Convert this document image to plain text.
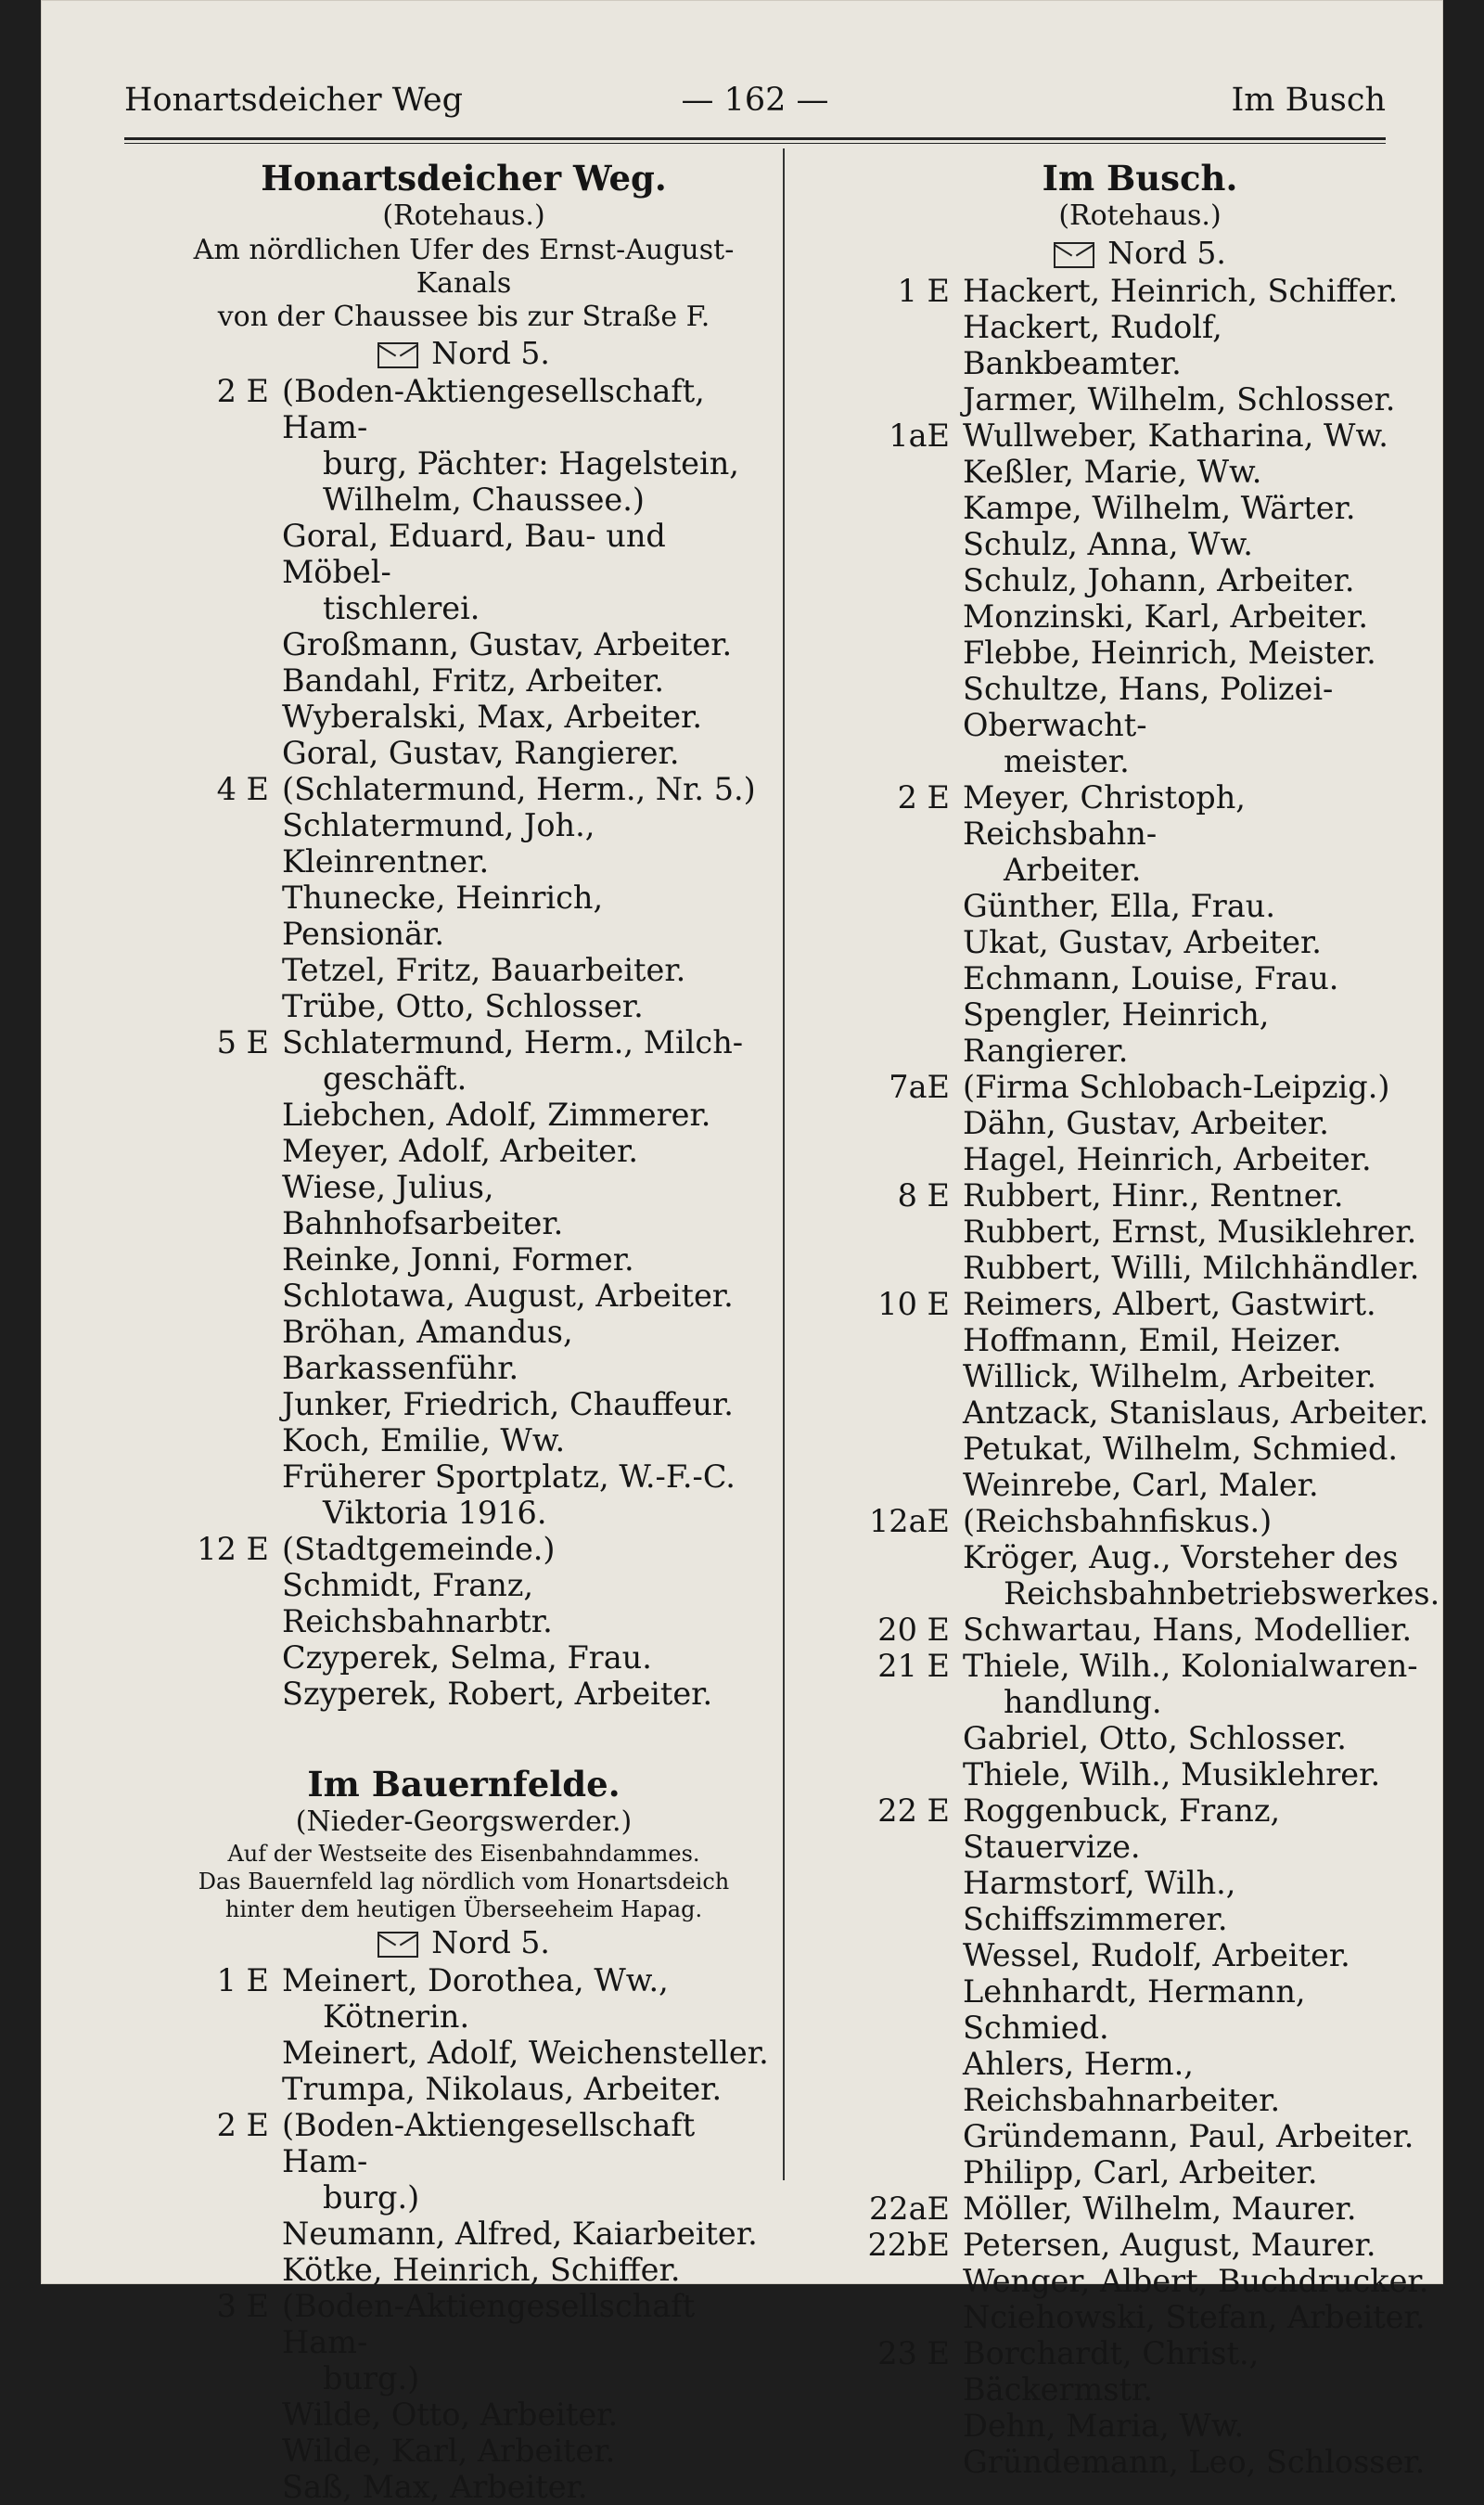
Honartsdeicher Weg	— 162 —	Im Busch
Honartsdeicher Weg.
(Rotehaus.)
Am nördlichen Ufer des Ernst-August-Kanals
von der Chaussee bis zur Straße F.
Nord 5.
2 E (Boden-Aktiengesellschaft, Ham-
burg, Pächter: Hagelstein, Wilhelm, Chaussee.)
Goral, Eduard, Bau- und Möbel-
tischlerei.
Großmann, Gustav, Arbeiter.
Bandahl, Fritz, Arbeiter.
Wyberalski, Max, Arbeiter.
Goral, Gustav, Rangierer.
4 E (Schlatermund, Herm., Nr. 5.)
Schlatermund, Joh., Kleinrentner.
Thunecke, Heinrich, Pensionär.
Tetzel, Fritz, Bauarbeiter.
Trübe, Otto, Schlosser.
5 E Schlatermund, Herm., Milch-
geschäft.
Liebchen, Adolf, Zimmerer.
Meyer, Adolf, Arbeiter.
Wiese, Julius, Bahnhofsarbeiter.
Reinke, Jonni, Former.
Schlotawa, August, Arbeiter.
Bröhan, Amandus, Barkassenführ.
Junker, Friedrich, Chauffeur.
Koch, Emilie, Ww.
Früherer Sportplatz, W.-F.-C.
Viktoria 1916.
12 E (Stadtgemeinde.)
Schmidt, Franz, Reichsbahnarbtr.
Czyperek, Selma, Frau.
Szyperek, Robert, Arbeiter.
Im Bauernfelde.
(Nieder-Georgswerder.)
Auf der Westseite des Eisenbahndammes.
Das Bauernfeld lag nördlich vom Honartsdeich
hinter dem heutigen Überseeheim Hapag.
Nord 5.
1 E Meinert, Dorothea, Ww.,
Kötnerin.
Meinert, Adolf, Weichensteller.
Trumpa, Nikolaus, Arbeiter.
2 E (Boden-Aktiengesellschaft Ham-
burg.)
Neumann, Alfred, Kaiarbeiter.
Kötke, Heinrich, Schiffer.
3 E (Boden-Aktiengesellschaft Ham-
burg.)
Wilde, Otto, Arbeiter.
Wilde, Karl, Arbeiter.
Saß, Max, Arbeiter.
Im Busch.
(Rotehaus.)
Nord 5.
1 E Hackert, Heinrich, Schiffer.
Hackert, Rudolf, Bankbeamter.
Jarmer, Wilhelm, Schlosser.
1aE Wullweber, Katharina, Ww.
Keßler, Marie, Ww.
Kampe, Wilhelm, Wärter.
Schulz, Anna, Ww.
Schulz, Johann, Arbeiter.
Monzinski, Karl, Arbeiter.
Flebbe, Heinrich, Meister.
Schultze, Hans, Polizei-Oberwacht-
meister.
2 E Meyer, Christoph, Reichsbahn-
Arbeiter.
Günther, Ella, Frau.
Ukat, Gustav, Arbeiter.
Echmann, Louise, Frau.
Spengler, Heinrich, Rangierer.
7aE (Firma Schlobach-Leipzig.)
Dähn, Gustav, Arbeiter.
Hagel, Heinrich, Arbeiter.
8 E Rubbert, Hinr., Rentner.
Rubbert, Ernst, Musiklehrer.
Rubbert, Willi, Milchhändler.
10 E Reimers, Albert, Gastwirt.
Hoffmann, Emil, Heizer.
Willick, Wilhelm, Arbeiter.
Antzack, Stanislaus, Arbeiter.
Petukat, Wilhelm, Schmied.
Weinrebe, Carl, Maler.
12aE (Reichsbahnfiskus.)
Kröger, Aug., Vorsteher des
Reichsbahnbetriebswerkes.
20 E Schwartau, Hans, Modellier.
21 E Thiele, Wilh., Kolonialwaren-
handlung.
Gabriel, Otto, Schlosser.
Thiele, Wilh., Musiklehrer.
22 E Roggenbuck, Franz, Stauervize.
Harmstorf, Wilh., Schiffszimmerer.
Wessel, Rudolf, Arbeiter.
Lehnhardt, Hermann, Schmied.
Ahlers, Herm., Reichsbahnarbeiter.
Gründemann, Paul, Arbeiter.
Philipp, Carl, Arbeiter.
22aE Möller, Wilhelm, Maurer.
22bE Petersen, August, Maurer.
Wenger, Albert, Buchdrucker.
Nciehowski, Stefan, Arbeiter.
23 E Borchardt, Christ., Bäckermstr.
Dehn, Maria, Ww.
Gründemann, Leo, Schlosser.
